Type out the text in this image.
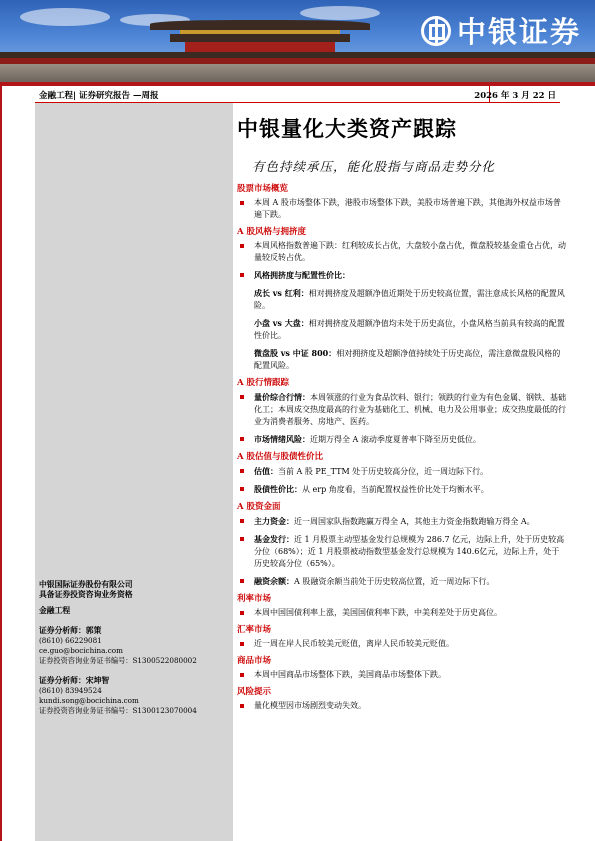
中银证券
金融工程| 证券研究报告 —周报	2026 年 3 月 22 日
中银量化大类资产跟踪
有色持续承压，能化股指与商品走势分化
股票市场概览
本周 A 股市场整体下跌，港股市场整体下跌，美股市场普遍下跌，其他海外权益市场普遍下跌。
A 股风格与拥挤度
本周风格指数普遍下跌：红利较成长占优，大盘较小盘占优，微盘股较基金重仓占优，动量较反转占优。
风格拥挤度与配置性价比：
成长 vs 红利：相对拥挤度及超额净值近期处于历史较高位置，需注意成长风格的配置风险。
小盘 vs 大盘：相对拥挤度及超额净值均未处于历史高位，小盘风格当前具有较高的配置性价比。
微盘股 vs 中证 800：相对拥挤度及超额净值持续处于历史高位，需注意微盘股风格的配置风险。
A 股行情跟踪
量价综合行情：本周领涨的行业为食品饮料、银行；领跌的行业为有色金属、钢铁、基础化工；本周成交热度最高的行业为基础化工、机械、电力及公用事业；成交热度最低的行业为消费者服务、房地产、医药。
市场情绪风险：近期万得全 A 滚动季度夏普率下降至历史低位。
A 股估值与股债性价比
估值：当前 A 股 PE_TTM 处于历史较高分位，近一周边际下行。
股债性价比：从 erp 角度看，当前配置权益性价比处于均衡水平。
A 股资金面
主力资金：近一周国家队指数跑赢万得全 A，其他主力资金指数跑输万得全 A。
基金发行：近 1 月股票主动型基金发行总规模为 286.7 亿元，边际上升，处于历史较高分位（68%）；近 1 月股票被动指数型基金发行总规模为 140.6亿元，边际上升，处于历史较高分位（65%）。
融资余额：A 股融资余额当前处于历史较高位置，近一周边际下行。
利率市场
本周中国国债利率上涨，美国国债利率下跌，中美利差处于历史高位。
汇率市场
近一周在岸人民币较美元贬值，离岸人民币较美元贬值。
商品市场
本周中国商品市场整体下跌，美国商品市场整体下跌。
风险提示
量化模型因市场剧烈变动失效。
中银国际证券股份有限公司
具备证券投资咨询业务资格
金融工程
证券分析师：郭策
(8610) 66229081
ce.guo@bocichina.com
证券投资咨询业务证书编号：S1300522080002
证券分析师：宋坤智
(8610) 83949524
kundi.song@bocichina.com
证券投资咨询业务证书编号：S1300123070004
